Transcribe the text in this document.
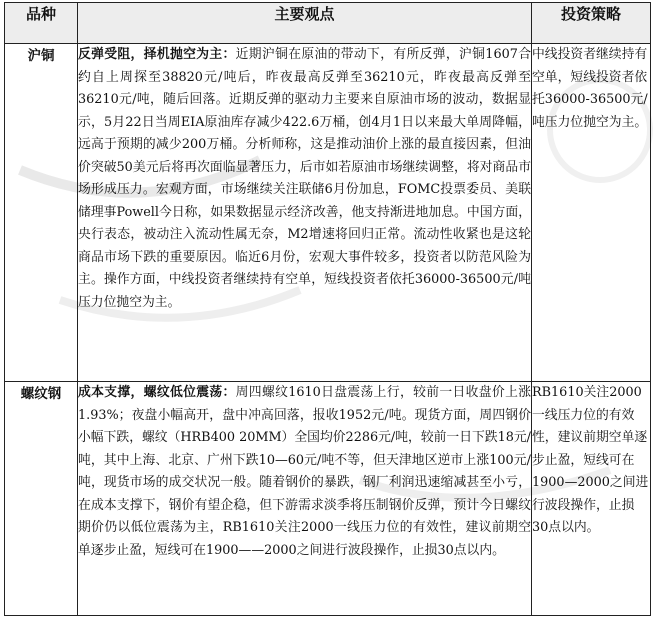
品种	主要观点	投资策略
沪铜	反弹受阻，择机抛空为主：近期沪铜在原油的带动下，有所反弹，沪铜1607合约自上周探至38820元/吨后，昨夜最高反弹至36210元，昨夜最高反弹至36210元/吨，随后回落。近期反弹的驱动力主要来自原油市场的波动，数据显示，5月22日当周EIA原油库存减少422.6万桶，创4月1日以来最大单周降幅，远高于预期的减少200万桶。分析师称，这是推动油价上涨的最直接因素，但油价突破50美元后将再次面临显著压力，后市如若原油市场继续调整，将对商品市场形成压力。宏观方面，市场继续关注联储6月份加息，FOMC投票委员、美联储理事Powell今日称，如果数据显示经济改善，他支持渐进地加息。中国方面，央行表态，被动注入流动性属无奈，M2增速将回归正常。流动性收紧也是这轮商品市场下跌的重要原因。临近6月份，宏观大事件较多，投资者以防范风险为主。操作方面，中线投资者继续持有空单，短线投资者依托36000-36500元/吨压力位抛空为主。	中线投资者继续持有空单，短线投资者依托36000-36500元/吨压力位抛空为主。
螺纹钢	成本支撑，螺纹低位震荡：周四螺纹1610日盘震荡上行，较前一日收盘价上涨1.93%；夜盘小幅高开，盘中冲高回落，报收1952元/吨。现货方面，周四钢价小幅下跌，螺纹（HRB400 20MM）全国均价2286元/吨，较前一日下跌18元/吨，其中上海、北京、广州下跌10—60元/吨不等，但天津地区逆市上涨100元/吨，现货市场的成交状况一般。随着钢价的暴跌，钢厂利润迅速缩减甚至小亏，在成本支撑下，钢价有望企稳，但下游需求淡季将压制钢价反弹，预计今日螺纹期价仍以低位震荡为主，RB1610关注2000一线压力位的有效性，建议前期空单逐步止盈，短线可在1900——2000之间进行波段操作，止损30点以内。	RB1610关注2000一线压力位的有效性，建议前期空单逐步止盈，短线可在1900—2000之间进行波段操作，止损30点以内。
